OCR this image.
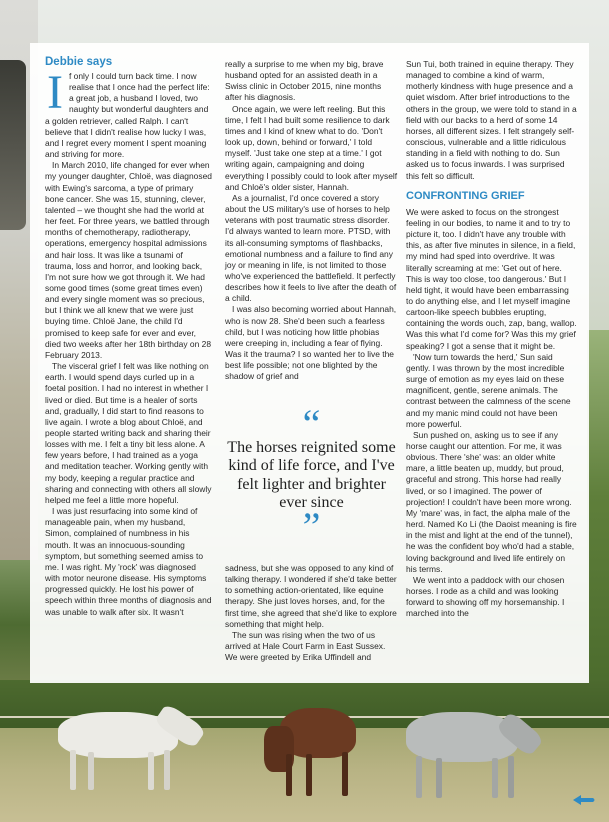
Debbie says
I f only I could turn back time. I now realise that I once had the perfect life: a great job, a husband I loved, two naughty but wonderful daughters and a golden retriever, called Ralph. I can't believe that I didn't realise how lucky I was, and I regret every moment I spent moaning and striving for more.

In March 2010, life changed for ever when my younger daughter, Chloë, was diagnosed with Ewing's sarcoma, a type of primary bone cancer. She was 15, stunning, clever, talented – we thought she had the world at her feet. For three years, we battled through months of chemotherapy, radiotherapy, operations, emergency hospital admissions and hair loss. It was like a tsunami of trauma, loss and horror, and looking back, I'm not sure how we got through it. We had some good times (some great times even) and every single moment was so precious, but I think we all knew that we were just buying time. Chloë Jane, the child I'd promised to keep safe for ever and ever, died two weeks after her 18th birthday on 28 February 2013.

The visceral grief I felt was like nothing on earth. I would spend days curled up in a foetal position. I had no interest in whether I lived or died. But time is a healer of sorts and, gradually, I did start to find reasons to live again. I wrote a blog about Chloë, and people started writing back and sharing their losses with me. I felt a tiny bit less alone. A few years before, I had trained as a yoga and meditation teacher. Working gently with my body, keeping a regular practice and sharing and connecting with others all slowly helped me feel a little more hopeful.

I was just resurfacing into some kind of manageable pain, when my husband, Simon, complained of numbness in his mouth. It was an innocuous-sounding symptom, but something seemed amiss to me. I was right. My 'rock' was diagnosed with motor neurone disease. His symptoms progressed quickly. He lost his power of speech within three months of diagnosis and was unable to walk after six. It wasn't

really a surprise to me when my big, brave husband opted for an assisted death in a Swiss clinic in October 2015, nine months after his diagnosis.

Once again, we were left reeling. But this time, I felt I had built some resilience to dark times and I kind of knew what to do. 'Don't look up, down, behind or forward,' I told myself. 'Just take one step at a time.' I got writing again, campaigning and doing everything I possibly could to look after myself and Chloë's older sister, Hannah.

As a journalist, I'd once covered a story about the US military's use of horses to help veterans with post traumatic stress disorder. I'd always wanted to learn more. PTSD, with its all-consuming symptoms of flashbacks, emotional numbness and a failure to find any joy or meaning in life, is not limited to those who've experienced the battlefield. It perfectly describes how it feels to live after the death of a child.

I was also becoming worried about Hannah, who is now 28. She'd been such a fearless child, but I was noticing how little phobias were creeping in, including a fear of flying. Was it the trauma? I so wanted her to live the best life possible; not one blighted by the shadow of grief and

“
The horses reignited some kind of life force, and I've felt lighter and brighter ever since
”

sadness, but she was opposed to any kind of talking therapy. I wondered if she'd take better to something action-orientated, like equine therapy. She just loves horses, and, for the first time, she agreed that she'd like to explore something that might help.

The sun was rising when the two of us arrived at Hale Court Farm in East Sussex. We were greeted by Erika Uffindell and

Sun Tui, both trained in equine therapy. They managed to combine a kind of warm, motherly kindness with huge presence and a quiet wisdom. After brief introductions to the others in the group, we were told to stand in a field with our backs to a herd of some 14 horses, all different sizes. I felt strangely self-conscious, vulnerable and a little ridiculous standing in a field with nothing to do. Sun asked us to focus inwards. I was surprised this felt so difficult.

CONFRONTING GRIEF

We were asked to focus on the strongest feeling in our bodies, to name it and to try to picture it, too. I didn't have any trouble with this, as after five minutes in silence, in a field, my mind had sped into overdrive. It was literally screaming at me: 'Get out of here. This is way too close, too dangerous.' But I held tight, it would have been embarrassing to do anything else, and I let myself imagine cartoon-like speech bubbles erupting, containing the words ouch, zap, bang, wallop. Was this what I'd come for? Was this my grief speaking? I got a sense that it might be.

'Now turn towards the herd,' Sun said gently. I was thrown by the most incredible surge of emotion as my eyes laid on these magnificent, gentle, serene animals. The contrast between the calmness of the scene and my manic mind could not have been more powerful.

Sun pushed on, asking us to see if any horse caught our attention. For me, it was obvious. There 'she' was: an older white mare, a little beaten up, muddy, but proud, graceful and strong. This horse had really lived, or so I imagined. The power of projection! I couldn't have been more wrong. My 'mare' was, in fact, the alpha male of the herd. Named Ko Li (the Daoist meaning is fire in the mist and light at the end of the tunnel), he was the confident boy who'd had a stable, loving background and lived life entirely on his terms.

We went into a paddock with our chosen horses. I rode as a child and was looking forward to showing off my horsemanship. I marched into the
